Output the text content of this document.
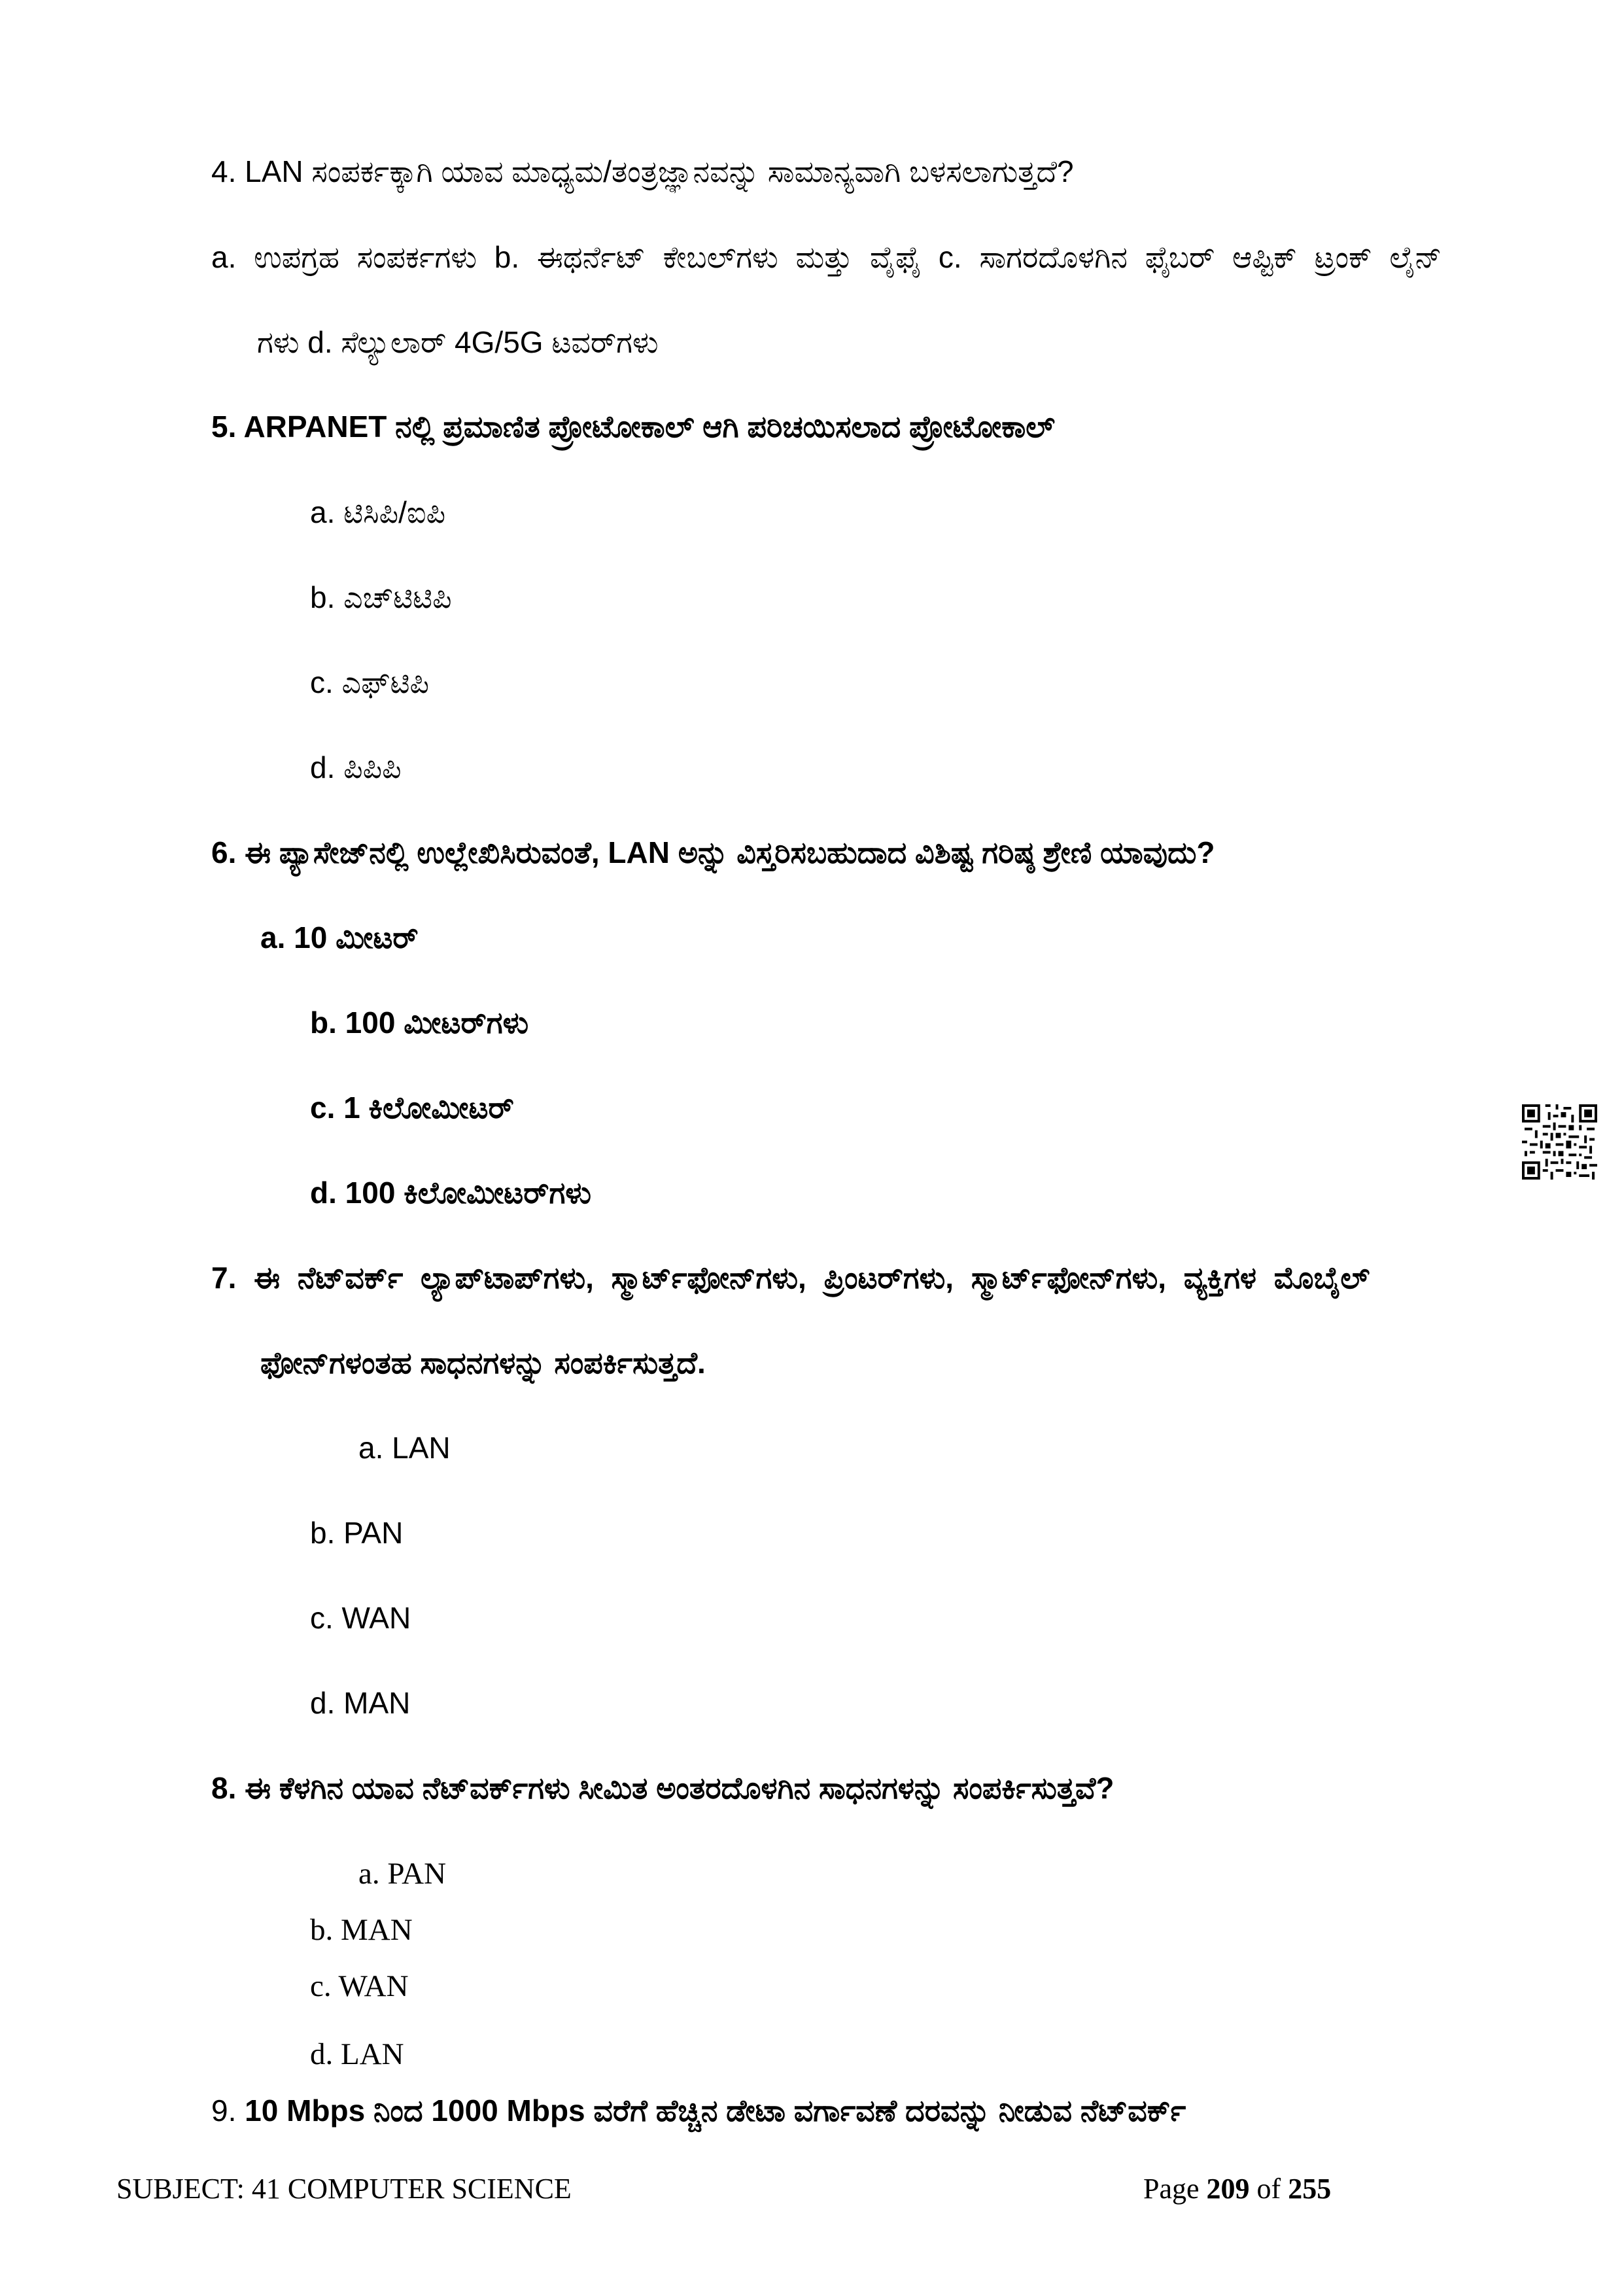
4. LAN ಸಂಪರ್ಕಕ್ಕಾಗಿ ಯಾವ ಮಾಧ್ಯಮ/ತಂತ್ರಜ್ಞಾನವನ್ನು ಸಾಮಾನ್ಯವಾಗಿ ಬಳಸಲಾಗುತ್ತದೆ?
a. ಉಪಗ್ರಹ ಸಂಪರ್ಕಗಳು b. ಈಥರ್ನೆಟ್ ಕೇಬಲ್‌ಗಳು ಮತ್ತು ವೈಫೈ c. ಸಾಗರದೊಳಗಿನ ಫೈಬರ್ ಆಪ್ಟಿಕ್ ಟ್ರಂಕ್ ಲೈನ್
ಗಳು d. ಸೆಲ್ಯುಲಾರ್ 4G/5G ಟವರ್‌ಗಳು
5. ARPANET ನಲ್ಲಿ ಪ್ರಮಾಣಿತ ಪ್ರೋಟೋಕಾಲ್ ಆಗಿ ಪರಿಚಯಿಸಲಾದ ಪ್ರೋಟೋಕಾಲ್
a. ಟಿಸಿಪಿ/ಐಪಿ
b. ಎಚ್‌ಟಿಟಿಪಿ
c. ಎಫ್‌ಟಿಪಿ
d. ಪಿಪಿಪಿ
6. ಈ ಪ್ಯಾಸೇಜ್‌ನಲ್ಲಿ ಉಲ್ಲೇಖಿಸಿರುವಂತೆ, LAN ಅನ್ನು ವಿಸ್ತರಿಸಬಹುದಾದ ವಿಶಿಷ್ಟ ಗರಿಷ್ಠ ಶ್ರೇಣಿ ಯಾವುದು?
a. 10 ಮೀಟರ್
b. 100 ಮೀಟರ್‌ಗಳು
c. 1 ಕಿಲೋಮೀಟರ್
d. 100 ಕಿಲೋಮೀಟರ್‌ಗಳು
7. ಈ ನೆಟ್‌ವರ್ಕ್ ಲ್ಯಾಪ್‌ಟಾಪ್‌ಗಳು, ಸ್ಮಾರ್ಟ್‌ಫೋನ್‌ಗಳು, ಪ್ರಿಂಟರ್‌ಗಳು, ಸ್ಮಾರ್ಟ್‌ಫೋನ್‌ಗಳು, ವ್ಯಕ್ತಿಗಳ ಮೊಬೈಲ್
ಫೋನ್‌ಗಳಂತಹ ಸಾಧನಗಳನ್ನು ಸಂಪರ್ಕಿಸುತ್ತದೆ.
a. LAN
b. PAN
c. WAN
d. MAN
8. ಈ ಕೆಳಗಿನ ಯಾವ ನೆಟ್‌ವರ್ಕ್‌ಗಳು ಸೀಮಿತ ಅಂತರದೊಳಗಿನ ಸಾಧನಗಳನ್ನು ಸಂಪರ್ಕಿಸುತ್ತವೆ?
a. PAN
b. MAN
c. WAN
d. LAN
9. 10 Mbps ನಿಂದ 1000 Mbps ವರೆಗೆ ಹೆಚ್ಚಿನ ಡೇಟಾ ವರ್ಗಾವಣೆ ದರವನ್ನು ನೀಡುವ ನೆಟ್‌ವರ್ಕ್
SUBJECT: 41 COMPUTER SCIENCE	Page 209 of 255
